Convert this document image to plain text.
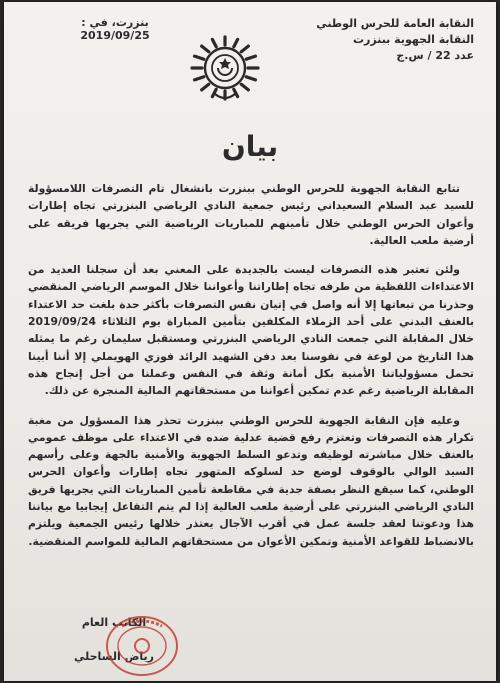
النقابة العامة للحرس الوطني
النقابة الجهوية ببنزرت
عدد 22 / س.ج
بنزرت، في : 2019/09/25
بيان

تتابع النقابة الجهوية للحرس الوطني ببنزرت بانشغال تام التصرفات اللامسؤولة للسيد عبد السلام السعيداني رئيس جمعية النادي الرياضي البنزرتي تجاه إطارات وأعوان الحرس الوطني خلال تأمينهم للمباريات الرياضية التي يجريها فريقه على أرضية ملعب العالية.

ولئن تعتبر هذه التصرفات ليست بالجديدة على المعني بعد أن سجلنا العديد من الاعتداءات اللفظية من طرفه تجاه إطاراتنا وأعواننا خلال الموسم الرياضي المنقضي وحذرنا من تبعاتها إلا أنه واصل في إتيان نفس التصرفات بأكثر حدة بلغت حد الاعتداء بالعنف البدني على أحد الزملاء المكلفين بتأمين المباراة يوم الثلاثاء 2019/09/24 خلال المقابلة التي جمعت النادي الرياضي البنزرتي ومستقبل سليمان رغم ما يمثله هذا التاريخ من لوعة في نفوسنا بعد دفن الشهيد الرائد فوزي الهويملي إلا أننا أبينا تحمل مسؤولياتنا الأمنية بكل أمانة وثقة في النفس وعملنا من أجل إنجاح هذه المقابلة الرياضية رغم عدم تمكين أعواننا من مستحقاتهم المالية المنجرة عن ذلك.

وعليه فإن النقابة الجهوية للحرس الوطني ببنزرت تحذر هذا المسؤول من مغبة تكرار هذه التصرفات وتعتزم رفع قضية عدلية ضده في الاعتداء على موظف عمومي بالعنف خلال مباشرته لوظيفه وتدعو السلط الجهوية والأمنية بالجهة وعلى رأسهم السيد الوالي بالوقوف لوضع حد لسلوكه المتهور تجاه إطارات وأعوان الحرس الوطني، كما سيقع النظر بصفة جدية في مقاطعة تأمين المباريات التي يجريها فريق النادي الرياضي البنزرتي على أرضية ملعب العالية إذا لم يتم التفاعل إيجابيا مع بياننا هذا ودعوتنا لعقد جلسة عمل في أقرب الآجال يعتذر خلالها رئيس الجمعية ويلتزم بالانضباط للقواعد الأمنية وتمكين الأعوان من مستحقاتهم المالية للمواسم المنقضية.

الكاتب العام
رياض الساحلي
